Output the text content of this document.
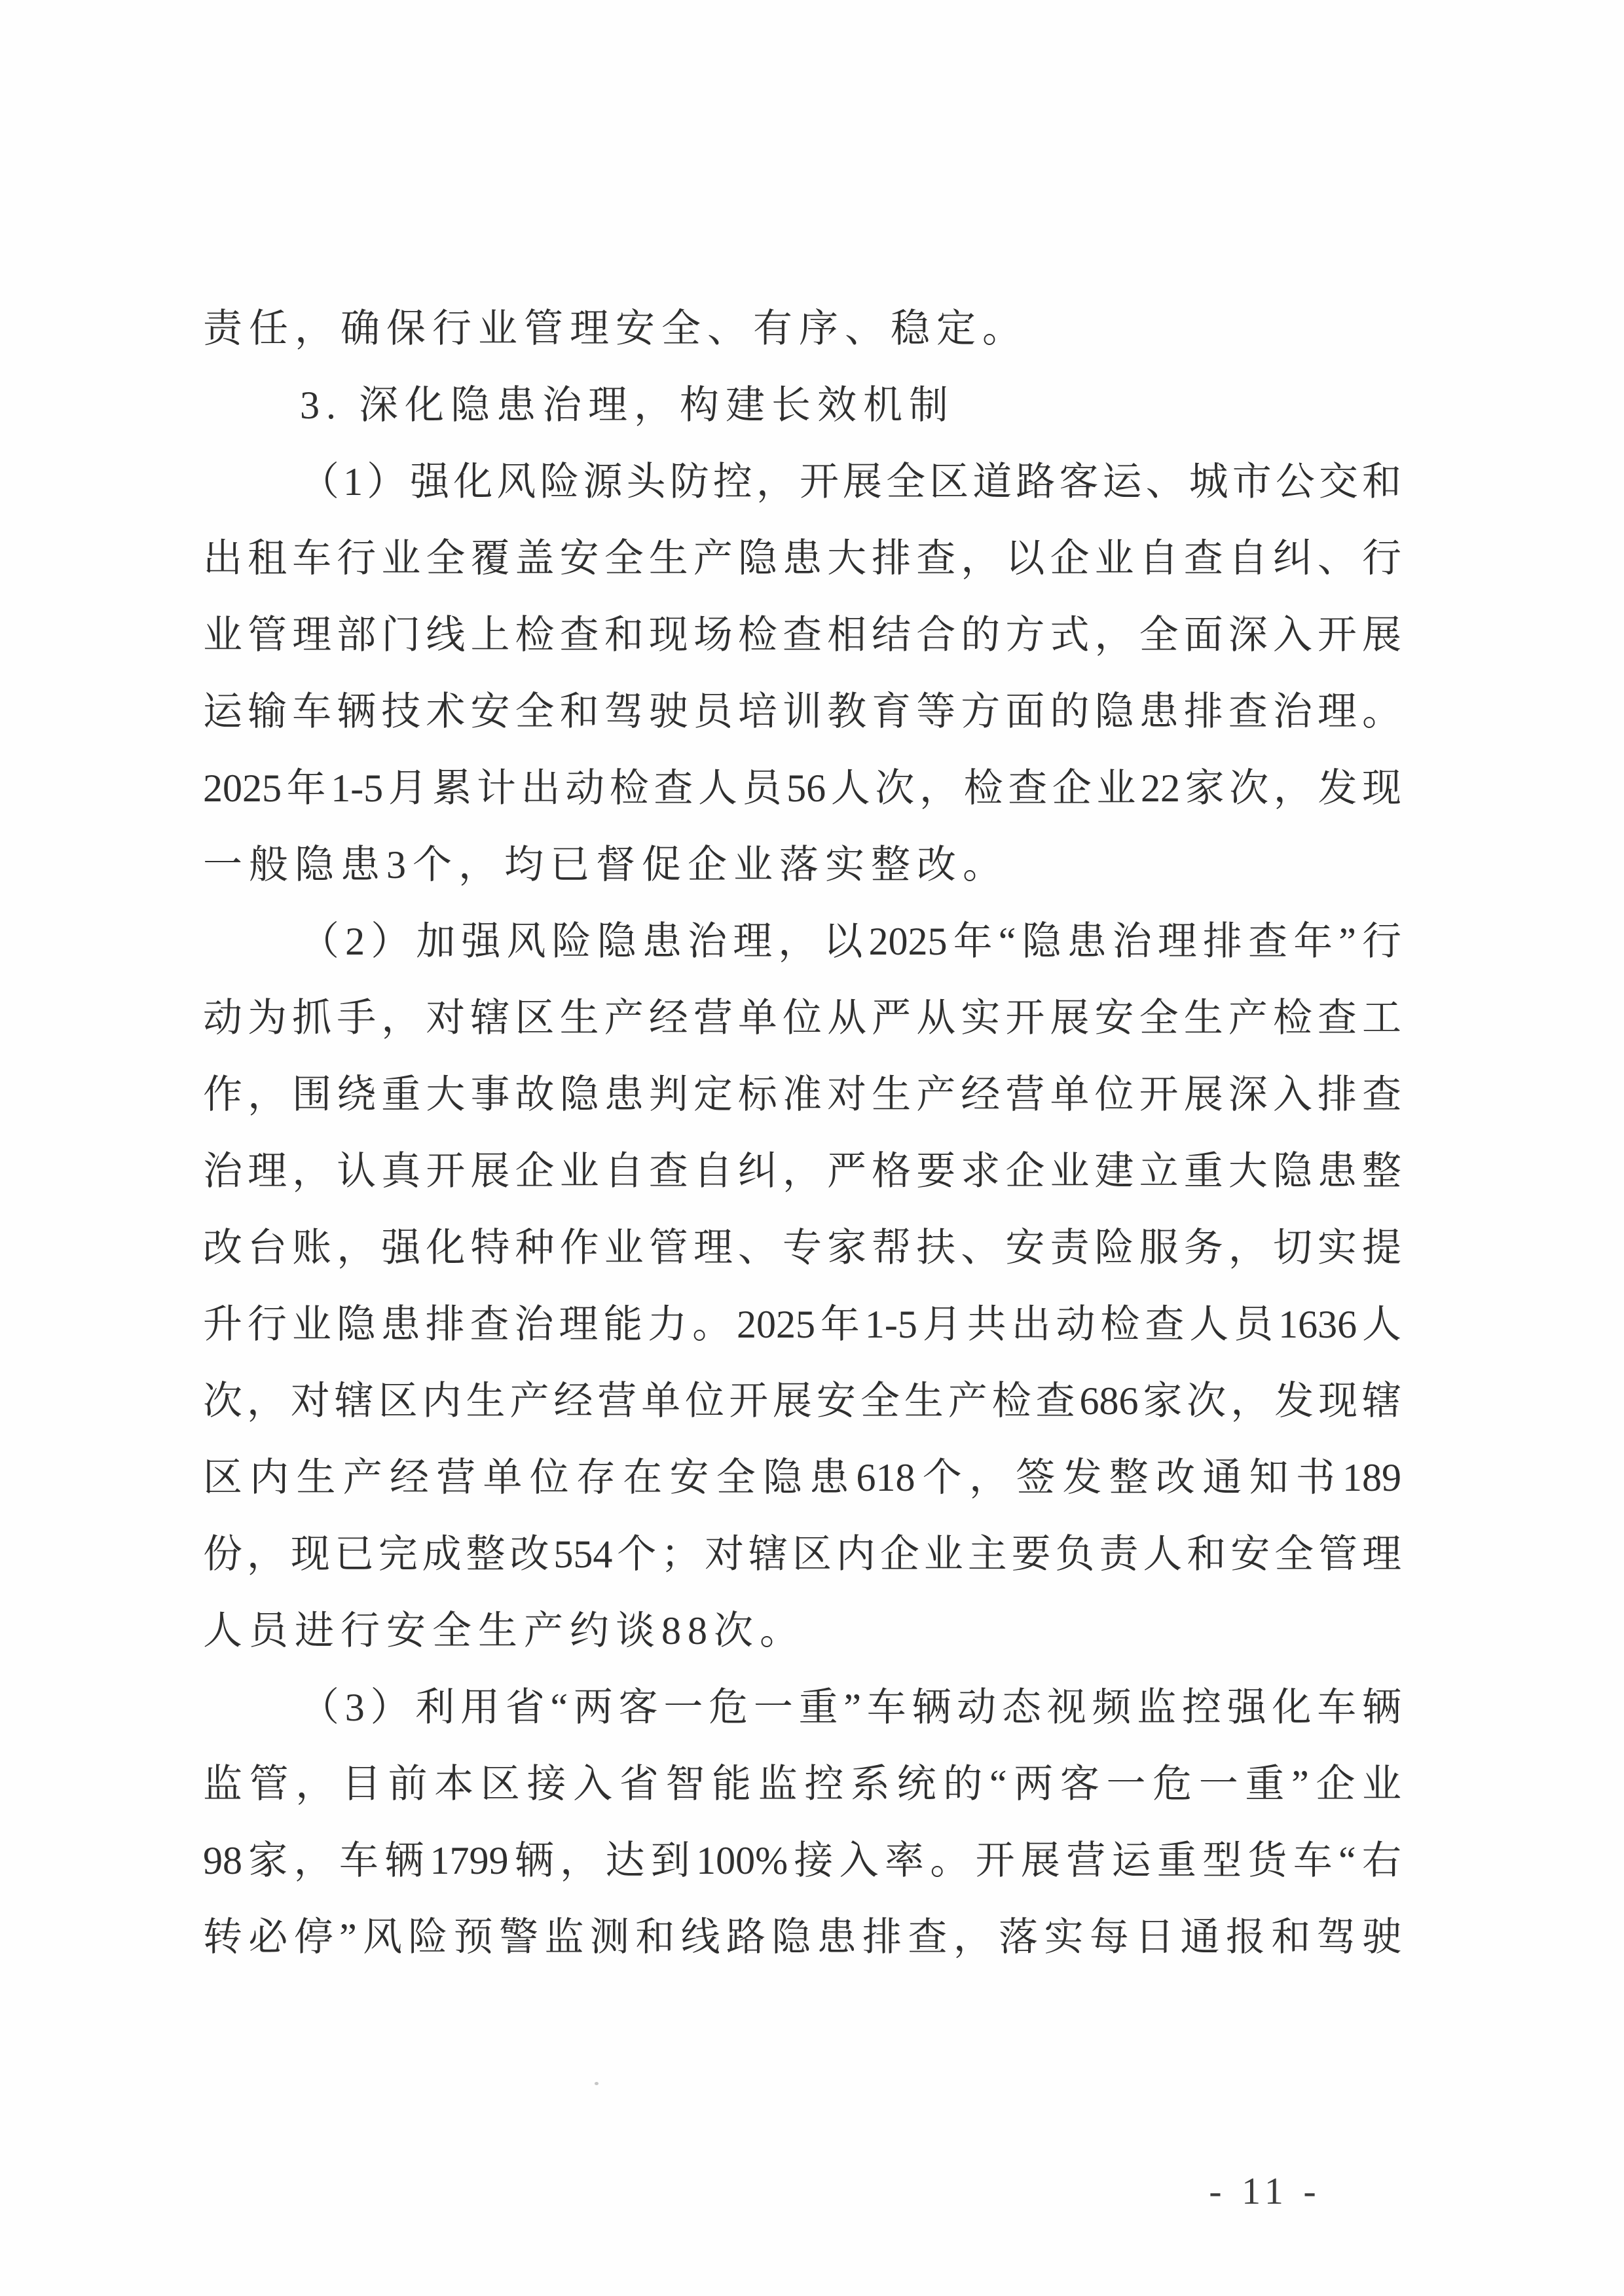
责任，确保行业管理安全、有序、稳定。
3. 深化隐患治理，构建长效机制
（1）强化风险源头防控，开展全区道路客运、城市公交和
出租车行业全覆盖安全生产隐患大排查，以企业自查自纠、行
业管理部门线上检查和现场检查相结合的方式，全面深入开展
运输车辆技术安全和驾驶员培训教育等方面的隐患排查治理。
2025年1-5月累计出动检查人员56人次，检查企业22家次，发现
一般隐患3个，均已督促企业落实整改。
（2）加强风险隐患治理，以2025年“隐患治理排查年”行
动为抓手，对辖区生产经营单位从严从实开展安全生产检查工
作，围绕重大事故隐患判定标准对生产经营单位开展深入排查
治理，认真开展企业自查自纠，严格要求企业建立重大隐患整
改台账，强化特种作业管理、专家帮扶、安责险服务，切实提
升行业隐患排查治理能力。2025年1-5月共出动检查人员1636人
次，对辖区内生产经营单位开展安全生产检查686家次，发现辖
区内生产经营单位存在安全隐患618个，签发整改通知书189
份，现已完成整改554个；对辖区内企业主要负责人和安全管理
人员进行安全生产约谈88次。
（3）利用省“两客一危一重”车辆动态视频监控强化车辆
监管，目前本区接入省智能监控系统的“两客一危一重”企业
98家，车辆1799辆，达到100%接入率。开展营运重型货车“右
转必停”风险预警监测和线路隐患排查，落实每日通报和驾驶
- 11 -
